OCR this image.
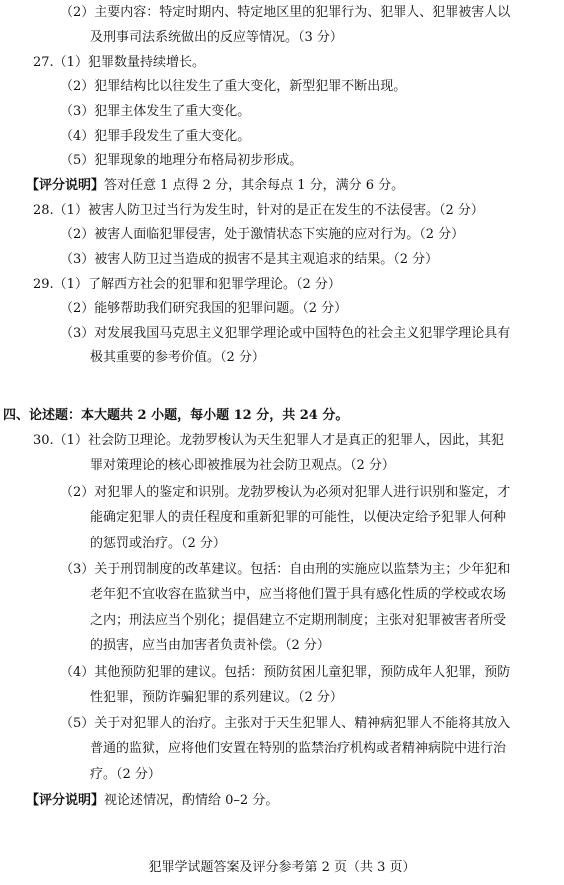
（2）主要内容：特定时期内、特定地区里的犯罪行为、犯罪人、犯罪被害人以
及刑事司法系统做出的反应等情况。（3 分）
27.（1）犯罪数量持续增长。
（2）犯罪结构比以往发生了重大变化，新型犯罪不断出现。
（3）犯罪主体发生了重大变化。
（4）犯罪手段发生了重大变化。
（5）犯罪现象的地理分布格局初步形成。
【评分说明】答对任意 1 点得 2 分，其余每点 1 分，满分 6 分。
28.（1）被害人防卫过当行为发生时，针对的是正在发生的不法侵害。（2 分）
（2）被害人面临犯罪侵害，处于激情状态下实施的应对行为。（2 分）
（3）被害人防卫过当造成的损害不是其主观追求的结果。（2 分）
29.（1）了解西方社会的犯罪和犯罪学理论。（2 分）
（2）能够帮助我们研究我国的犯罪问题。（2 分）
（3）对发展我国马克思主义犯罪学理论或中国特色的社会主义犯罪学理论具有
极其重要的参考价值。（2 分）
四、论述题：本大题共 2 小题，每小题 12 分，共 24 分。
30.（1）社会防卫理论。龙勃罗梭认为天生犯罪人才是真正的犯罪人，因此，其犯
罪对策理论的核心即被推展为社会防卫观点。（2 分）
（2）对犯罪人的鉴定和识别。龙勃罗梭认为必须对犯罪人进行识别和鉴定，才
能确定犯罪人的责任程度和重新犯罪的可能性，以便决定给予犯罪人何种
的惩罚或治疗。（2 分）
（3）关于刑罚制度的改革建议。包括：自由刑的实施应以监禁为主；少年犯和
老年犯不宜收容在监狱当中，应当将他们置于具有感化性质的学校或农场
之内；刑法应当个别化；提倡建立不定期刑制度；主张对犯罪被害者所受
的损害，应当由加害者负责补偿。（2 分）
（4）其他预防犯罪的建议。包括：预防贫困儿童犯罪，预防成年人犯罪，预防
性犯罪，预防诈骗犯罪的系列建议。（2 分）
（5）关于对犯罪人的治疗。主张对于天生犯罪人、精神病犯罪人不能将其放入
普通的监狱，应将他们安置在特别的监禁治疗机构或者精神病院中进行治
疗。（2 分）
【评分说明】视论述情况，酌情给 0–2 分。
犯罪学试题答案及评分参考第 2 页（共 3 页）
